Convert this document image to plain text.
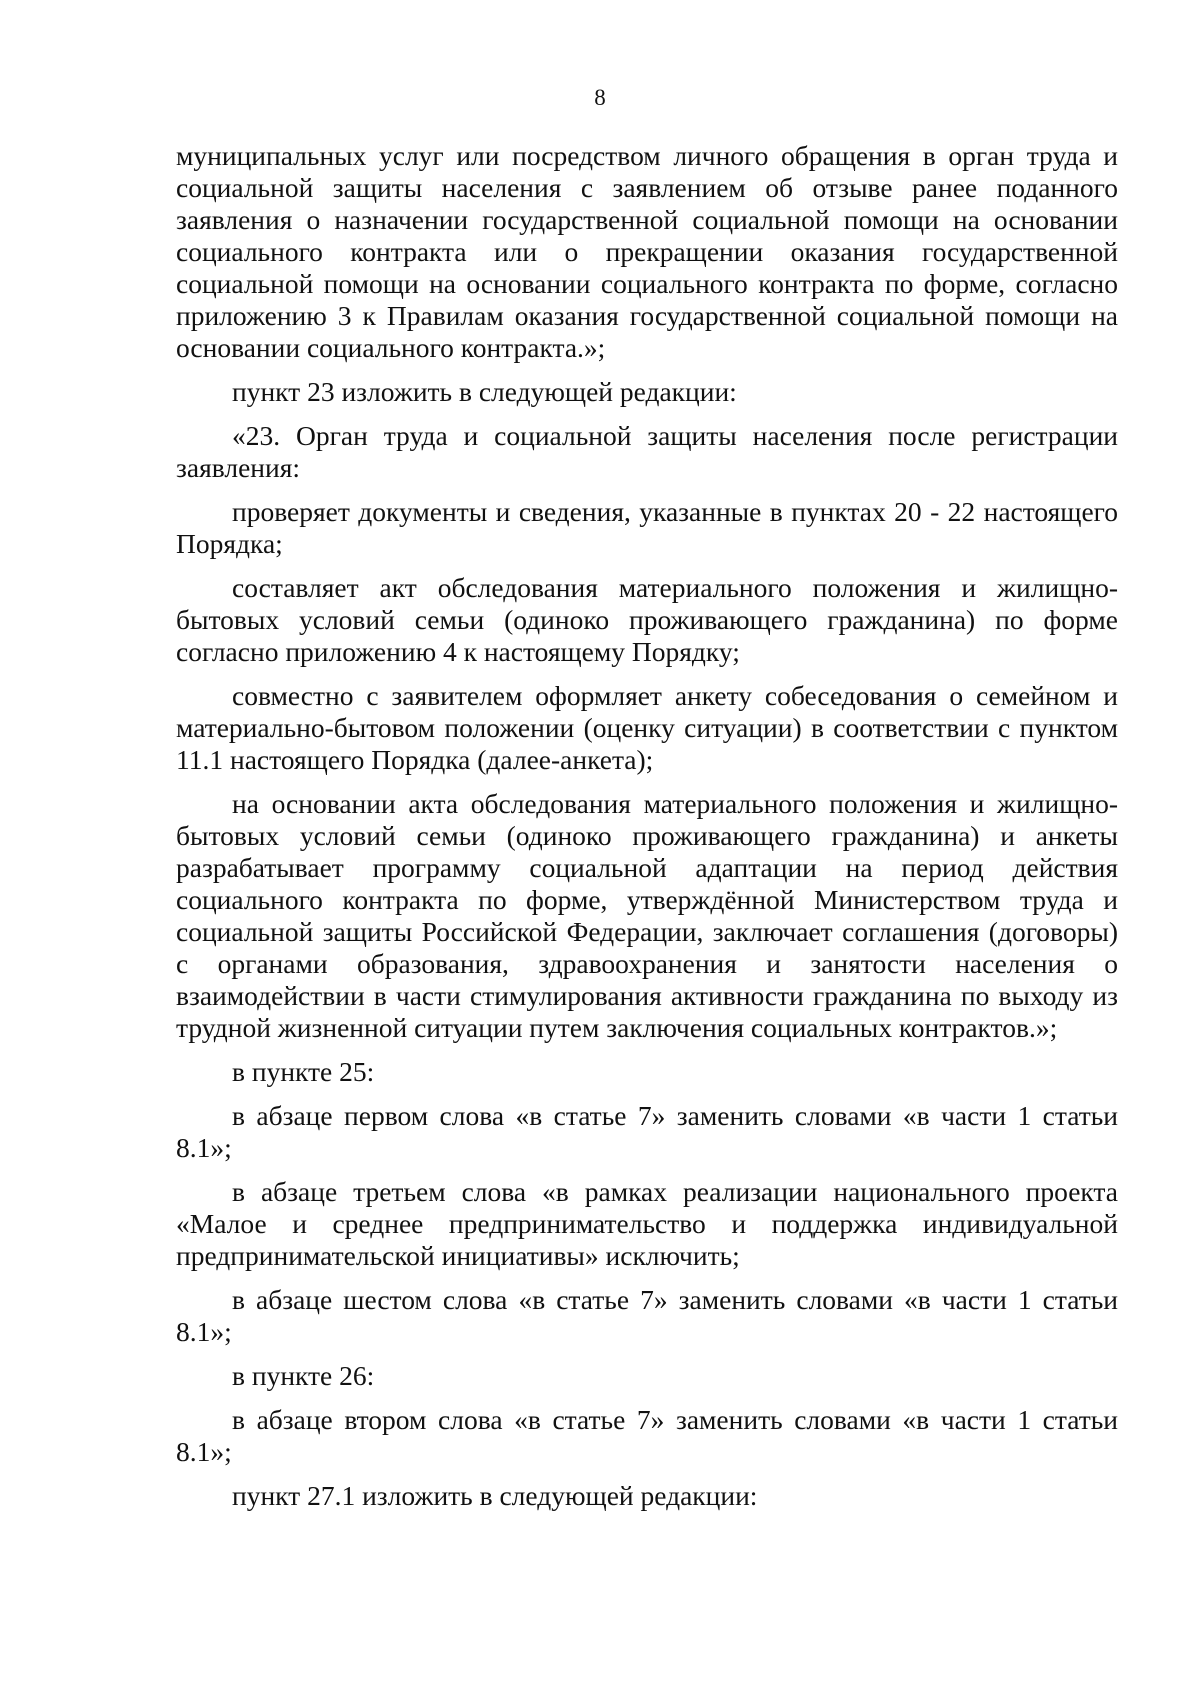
8

муниципальных услуг или посредством личного обращения в орган труда и социальной защиты населения с заявлением об отзыве ранее поданного заявления о назначении государственной социальной помощи на основании социального контракта или о прекращении оказания государственной социальной помощи на основании социального контракта по форме, согласно приложению 3 к Правилам оказания государственной социальной помощи на основании социального контракта.»;

пункт 23 изложить в следующей редакции:

«23. Орган труда и социальной защиты населения после регистрации заявления:

проверяет документы и сведения, указанные в пунктах 20 - 22 настоящего Порядка;

составляет акт обследования материального положения и жилищно-бытовых условий семьи (одиноко проживающего гражданина) по форме согласно приложению 4 к настоящему Порядку;

совместно с заявителем оформляет анкету собеседования о семейном и материально-бытовом положении (оценку ситуации) в соответствии с пунктом 11.1 настоящего Порядка (далее-анкета);

на основании акта обследования материального положения и жилищно-бытовых условий семьи (одиноко проживающего гражданина) и анкеты разрабатывает программу социальной адаптации на период действия социального контракта по форме, утверждённой Министерством труда и социальной защиты Российской Федерации, заключает соглашения (договоры) с органами образования, здравоохранения и занятости населения о взаимодействии в части стимулирования активности гражданина по выходу из трудной жизненной ситуации путем заключения социальных контрактов.»;

в пункте 25:

в абзаце первом слова «в статье 7» заменить словами «в части 1 статьи 8.1»;

в абзаце третьем слова «в рамках реализации национального проекта «Малое и среднее предпринимательство и поддержка индивидуальной предпринимательской инициативы» исключить;

в абзаце шестом слова «в статье 7» заменить словами «в части 1 статьи 8.1»;

в пункте 26:

в абзаце втором слова «в статье 7» заменить словами «в части 1 статьи 8.1»;

пункт 27.1 изложить в следующей редакции:
